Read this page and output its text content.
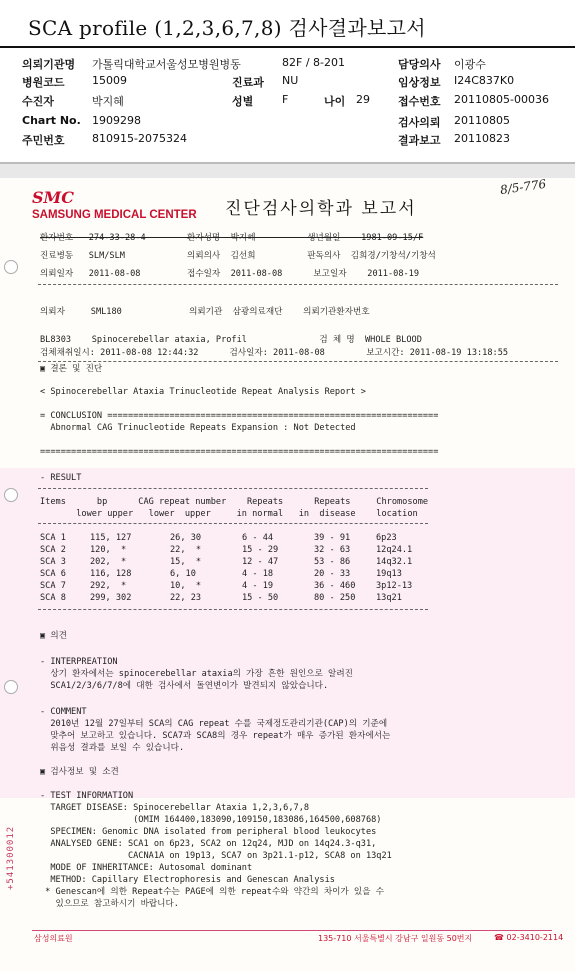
SCA profile (1,2,3,6,7,8) 검사결과보고서
의뢰기관명 가톨릭대학교서울성모병원병동	82F / 8-201	담당의사 이광수
병원코드 15009	진료과 NU	임상정보 I24C837K0
수진자	박지혜	성별	F	나이 29	접수번호 20110805-00036
Chart No. 1909298	검사의뢰 20110805
주민번호 810915-2075324	결과보고 20110823
SMC
SAMSUNG MEDICAL CENTER 진단검사의학과 보고서
8/5-776
환자번호   274-33-28-4        환자성명  박지혜          생년월일    1981-09-15/F
진료병동   SLM/SLM            의뢰의사  김선희          판독의사  김희경/기창석/기창석
의뢰일자   2011-08-08         접수일자  2011-08-08      보고일자    2011-08-19
의뢰자     SML180             의뢰기관  삼광의료재단    의뢰기관환자번호
BL8303    Spinocerebellar ataxia, Profil              검 체 명  WHOLE BLOOD
검체채취일시: 2011-08-08 12:44:32      검사일자: 2011-08-08        보고시간: 2011-08-19 13:18:55
▣ 결론 및 진단
< Spinocerebellar Ataxia Trinucleotide Repeat Analysis Report >
= CONCLUSION ================================================================
Abnormal CAG Trinucleotide Repeats Expansion : Not Detected
=============================================================================
- RESULT
Items      bp      CAG repeat number    Repeats      Repeats     Chromosome
lower upper   lower  upper     in normal   in  disease    location
SCA 1	115, 127	26, 30	6 - 44	39 - 91	6p23
SCA 2	120,  *	22,  *	15 - 29	32 - 63	12q24.1
SCA 3	202,  *	15,  *	12 - 47	53 - 86	14q32.1
SCA 6	116, 128	6, 10	4 - 18	20 - 33	19q13
SCA 7	292,  *	10,  *	4 - 19	36 - 460 3p12-13
SCA 8	299, 302	22, 23	15 - 50	80 - 250 13q21
▣ 의견
- INTERPREATION
상기 환자에서는 spinocerebellar ataxia의 가장 흔한 원인으로 알려진
SCA1/2/3/6/7/8에 대한 검사에서 돌연변이가 발견되지 않았습니다.
- COMMENT
2010년 12월 27일부터 SCA의 CAG repeat 수를 국제정도관리기관(CAP)의 기준에
맞추어 보고하고 있습니다. SCA7과 SCA8의 경우 repeat가 매우 증가된 환자에서는
위음성 결과를 보일 수 있습니다.
▣ 검사정보 및 소견
- TEST INFORMATION
TARGET DISEASE: Spinocerebellar Ataxia 1,2,3,6,7,8
(OMIM 164400,183090,109150,183086,164500,608768)
SPECIMEN: Genomic DNA isolated from peripheral blood leukocytes
ANALYSED GENE: SCA1 on 6p23, SCA2 on 12q24, MJD on 14q24.3-q31,
CACNA1A on 19p13, SCA7 on 3p21.1-p12, SCA8 on 13q21
MODE OF INHERITANCE: Autosomal dominant
METHOD: Capillary Electrophoresis and Genescan Analysis
* Genescan에 의한 Repeat수는 PAGE에 의한 repeat수와 약간의 차이가 있을 수
있으므로 참고하시기 바랍니다.
+541300012
삼성의료원	135-710 서울특별시 강남구 일원동 50번지	☎ 02-3410-2114
